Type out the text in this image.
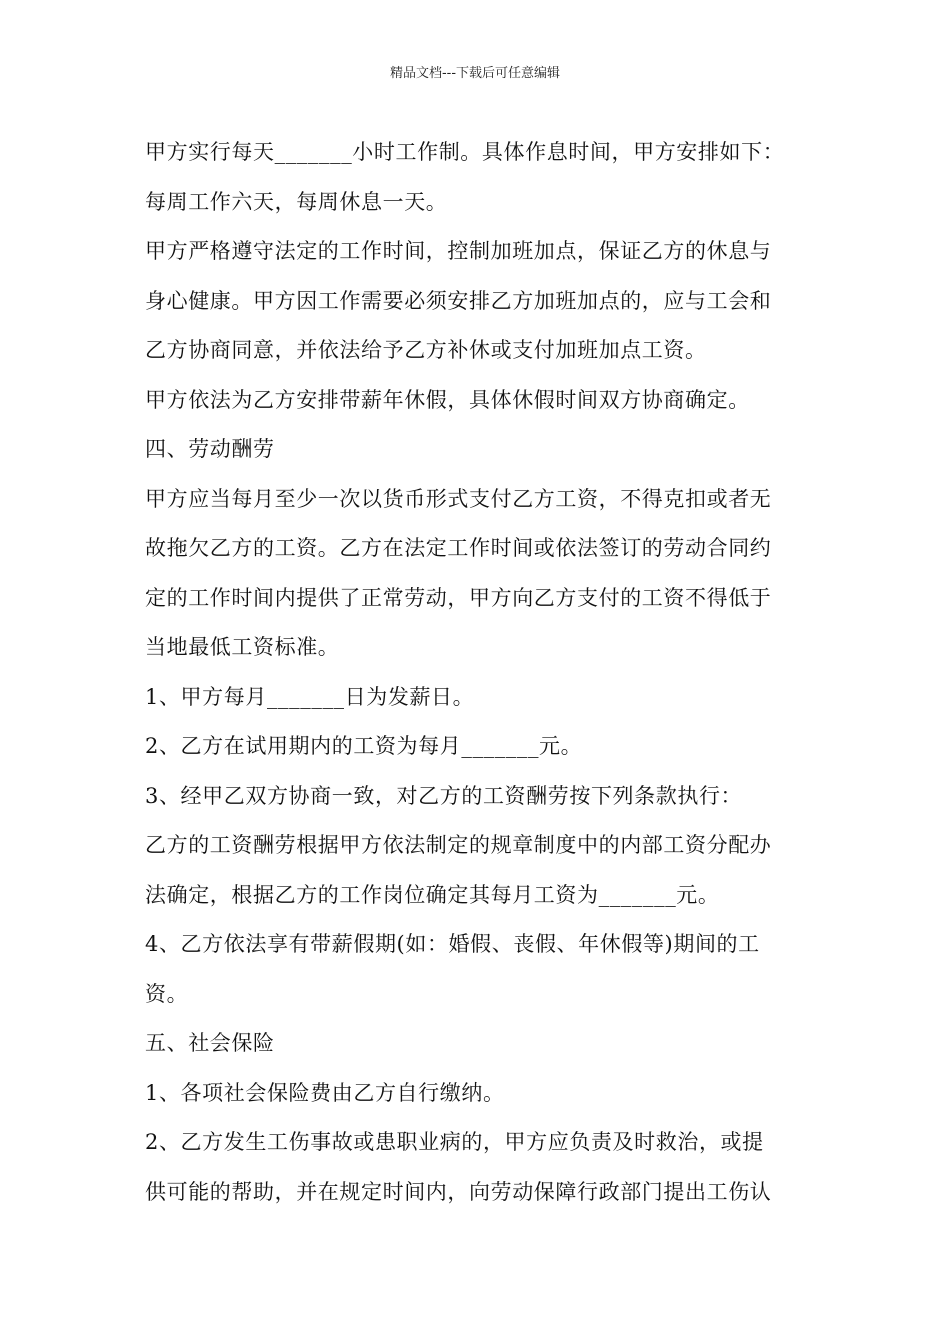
精品文档---下载后可任意编辑

甲方实行每天_______小时工作制。具体作息时间，甲方安排如下：
每周工作六天，每周休息一天。

甲方严格遵守法定的工作时间，控制加班加点，保证乙方的休息与
身心健康。甲方因工作需要必须安排乙方加班加点的，应与工会和
乙方协商同意，并依法给予乙方补休或支付加班加点工资。

甲方依法为乙方安排带薪年休假，具体休假时间双方协商确定。

四、劳动酬劳

甲方应当每月至少一次以货币形式支付乙方工资，不得克扣或者无
故拖欠乙方的工资。乙方在法定工作时间或依法签订的劳动合同约
定的工作时间内提供了正常劳动，甲方向乙方支付的工资不得低于
当地最低工资标准。

1、甲方每月_______日为发薪日。

2、乙方在试用期内的工资为每月_______元。

3、经甲乙双方协商一致，对乙方的工资酬劳按下列条款执行：

乙方的工资酬劳根据甲方依法制定的规章制度中的内部工资分配办
法确定，根据乙方的工作岗位确定其每月工资为_______元。

4、乙方依法享有带薪假期(如：婚假、丧假、年休假等)期间的工
资。

五、社会保险

1、各项社会保险费由乙方自行缴纳。

2、乙方发生工伤事故或患职业病的，甲方应负责及时救治，或提
供可能的帮助，并在规定时间内，向劳动保障行政部门提出工伤认
